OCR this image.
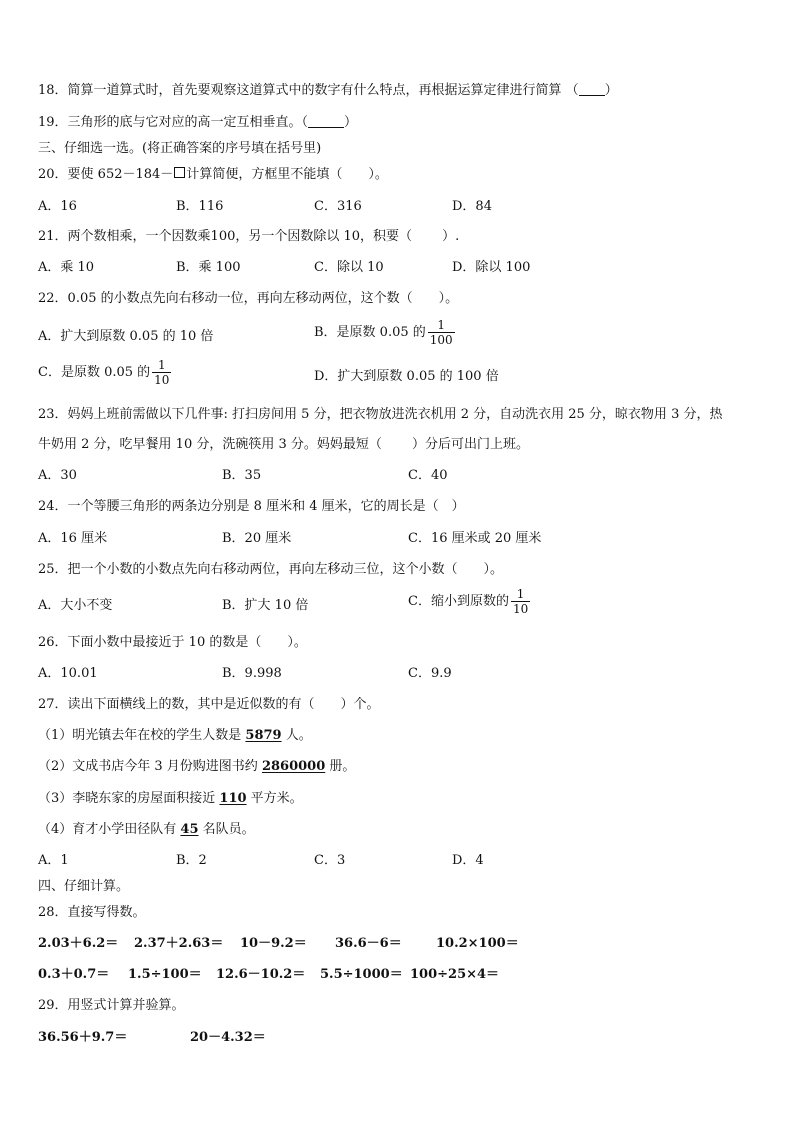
18．简算一道算式时，首先要观察这道算式中的数字有什么特点，再根据运算定律进行简算 （ ）
19．三角形的底与它对应的高一定互相垂直。（	）
三、仔细选一选。(将正确答案的序号填在括号里)
20．要使 652－184－ 计算简便，方框里不能填（　　）。
A．16	B．116	C．316	D．84
21．两个数相乘，一个因数乘100，另一个因数除以 10，积要（　　 ）.
A．乘 10	B．乘 100	C．除以 10	D．除以 100
22．0.05 的小数点先向右移动一位，再向左移动两位，这个数（　　）。
A．扩大到原数 0.05 的 10 倍	B．是原数 0.05 的 $\frac{1}{100}$
C．是原数 0.05 的 $\frac{1}{10}$	D．扩大到原数 0.05 的 100 倍
23．妈妈上班前需做以下几件事: 打扫房间用 5 分，把衣物放进洗衣机用 2 分，自动洗衣用 25 分，晾衣物用 3 分，热
牛奶用 2 分，吃早餐用 10 分，洗碗筷用 3 分。妈妈最短（　　 ）分后可出门上班。
A．30	B．35	C．40
24．一个等腰三角形的两条边分别是 8 厘米和 4 厘米，它的周长是（　）
A．16 厘米	B．20 厘米	C．16 厘米或 20 厘米
25．把一个小数的小数点先向右移动两位，再向左移动三位，这个小数（　　）。
A．大小不变	B．扩大 10 倍	C．缩小到原数的 $\frac{1}{10}$
26．下面小数中最接近于 10 的数是（　　）。
A．10.01	B．9.998	C．9.9
27．读出下面横线上的数，其中是近似数的有（　　）个。
（1）明光镇去年在校的学生人数是 5879 人。
（2）文成书店今年 3 月份购进图书约 2860000 册。
（3）李晓东家的房屋面积接近 110 平方米。
（4）育才小学田径队有 45 名队员。
A．1	B．2	C．3	D．4
四、仔细计算。
28．直接写得数。
2.03＋6.2＝ 2.37＋2.63＝ 10－9.2＝ 36.6－6＝	10.2×100＝
0.3＋0.7＝ 1.5÷100＝ 12.6－10.2＝ 5.5÷1000＝ 100÷25×4＝
29．用竖式计算并验算。
36.56＋9.7＝	20－4.32＝
